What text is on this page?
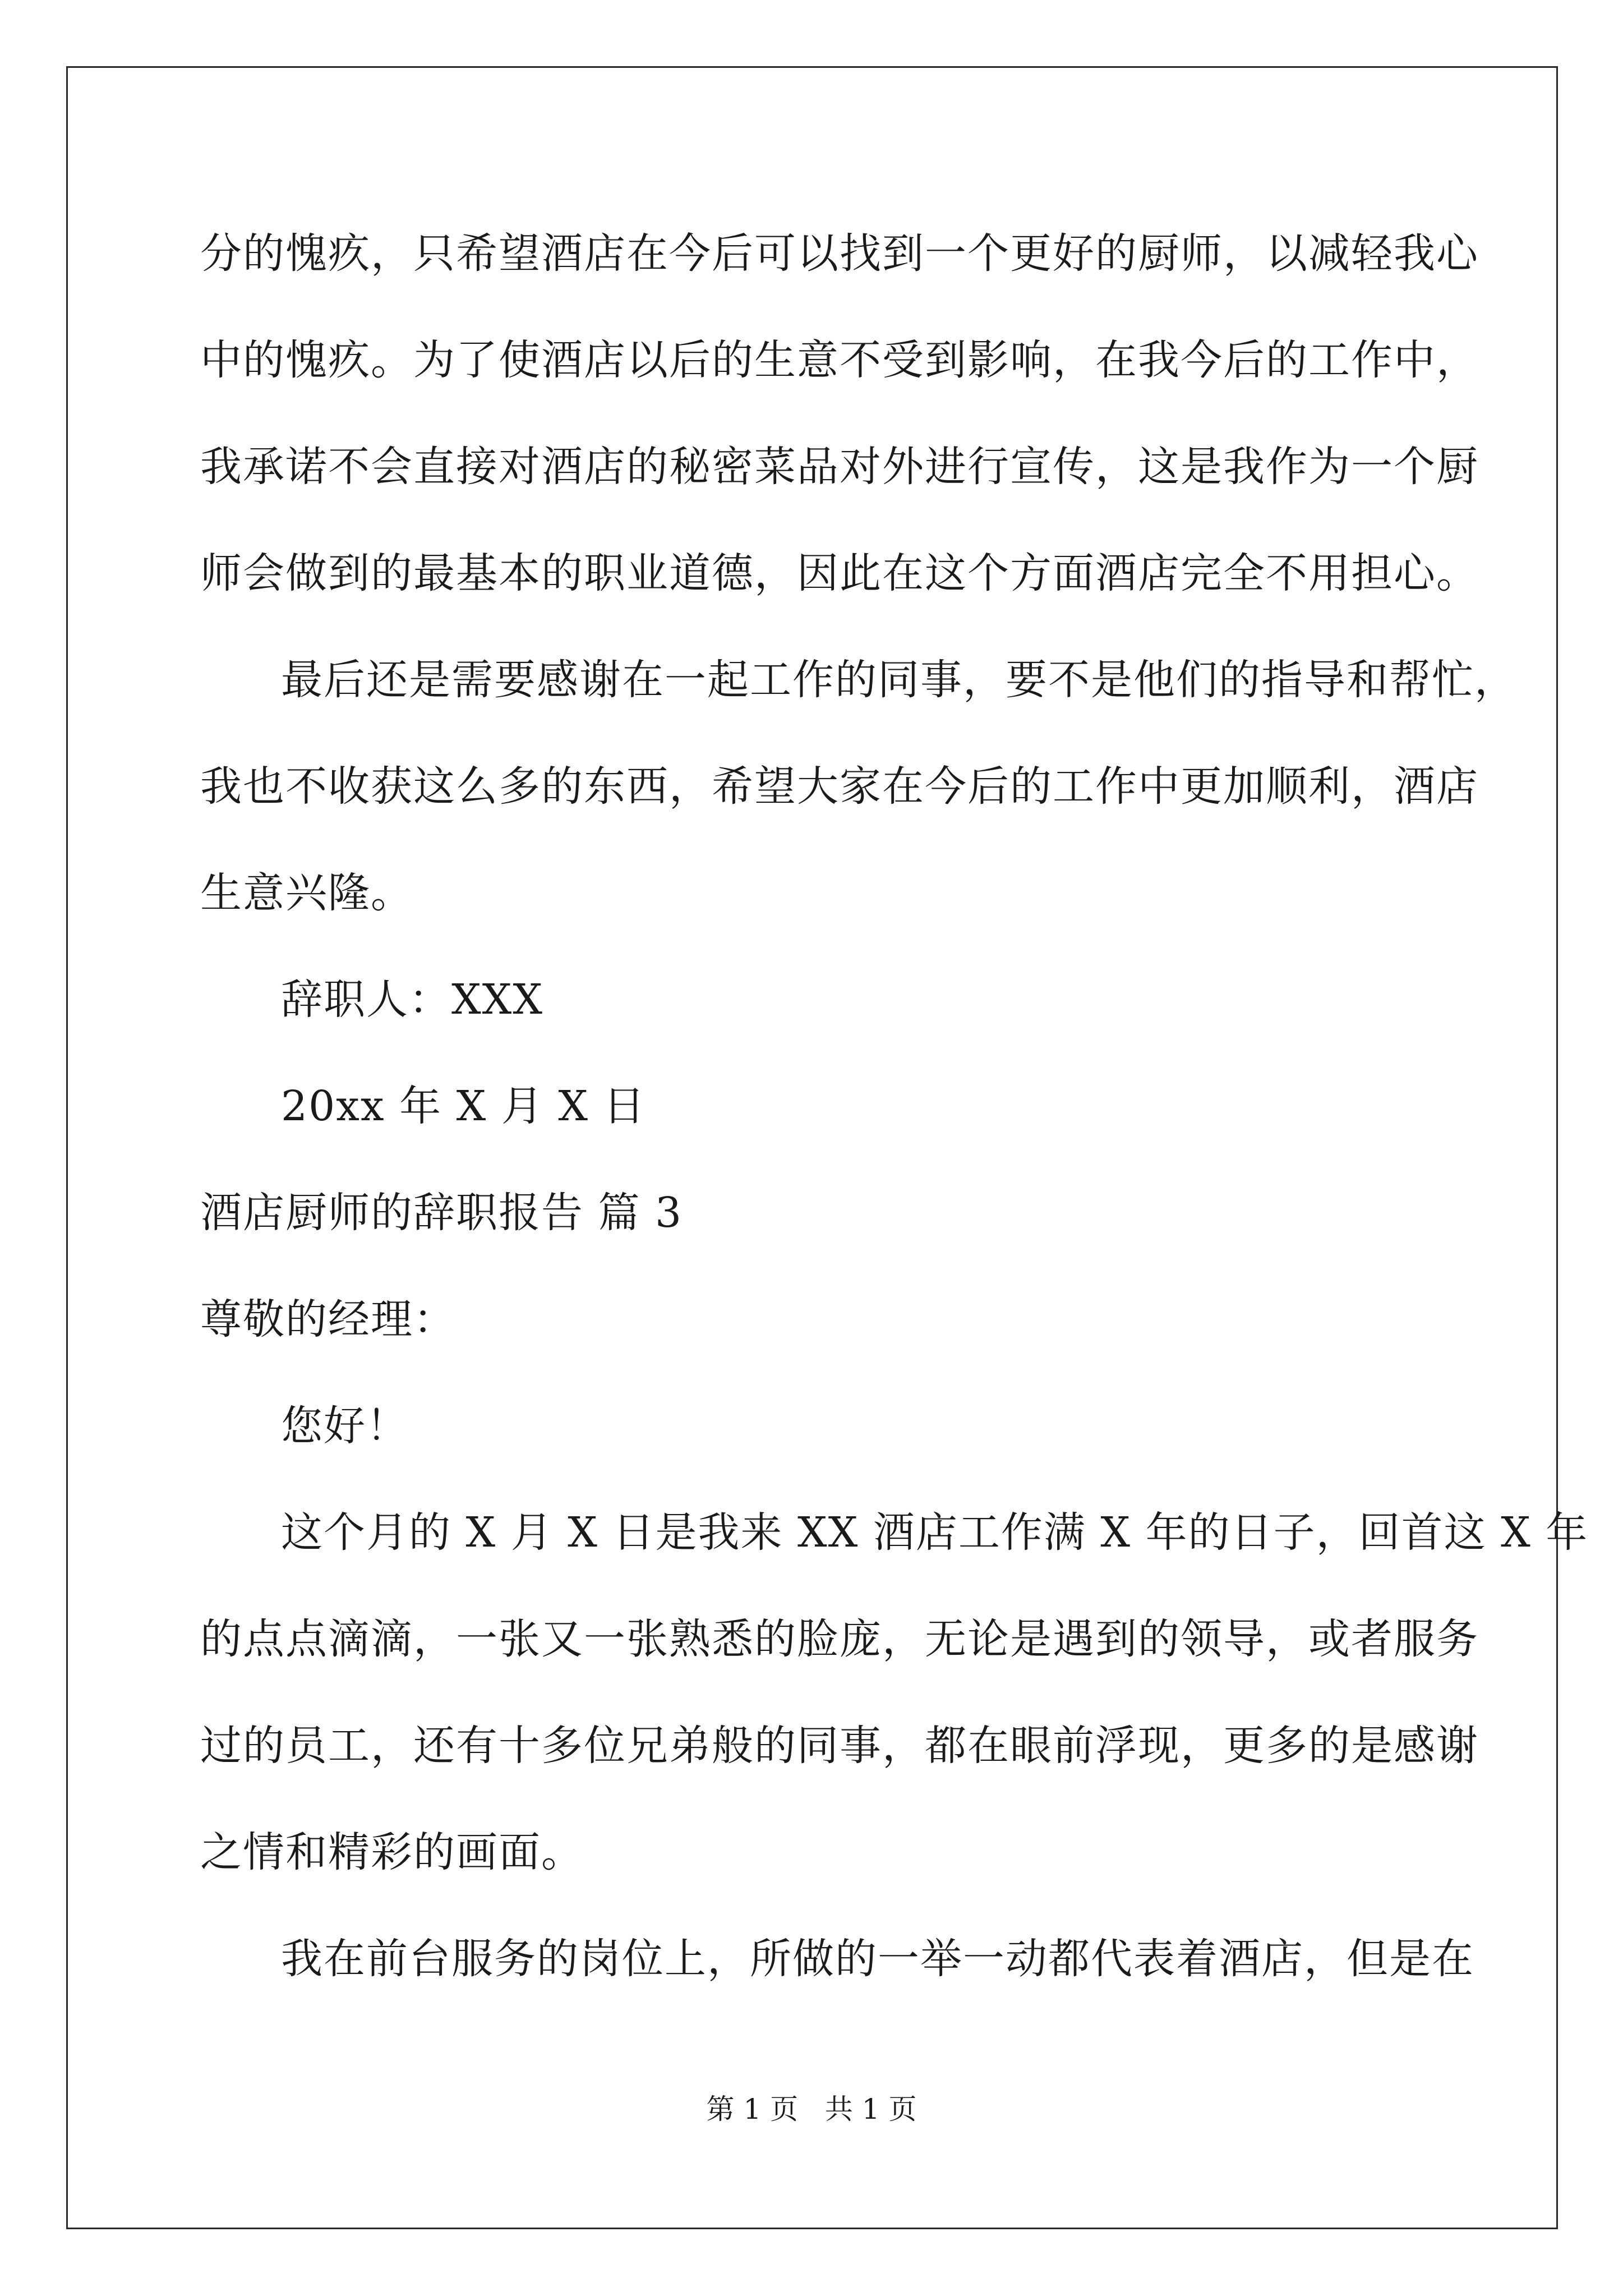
分的愧疚，只希望酒店在今后可以找到一个更好的厨师，以减轻我心
中的愧疚。为了使酒店以后的生意不受到影响，在我今后的工作中，
我承诺不会直接对酒店的秘密菜品对外进行宣传，这是我作为一个厨
师会做到的最基本的职业道德，因此在这个方面酒店完全不用担心。
最后还是需要感谢在一起工作的同事，要不是他们的指导和帮忙，
我也不收获这么多的东西，希望大家在今后的工作中更加顺利，酒店
生意兴隆。
辞职人：XXX
20xx 年 X 月 X 日
酒店厨师的辞职报告 篇 3
尊敬的经理：
您好！
这个月的 X 月 X 日是我来 XX 酒店工作满 X 年的日子，回首这 X 年
的点点滴滴，一张又一张熟悉的脸庞，无论是遇到的领导，或者服务
过的员工，还有十多位兄弟般的同事，都在眼前浮现，更多的是感谢
之情和精彩的画面。
我在前台服务的岗位上，所做的一举一动都代表着酒店，但是在
第 1 页   共 1 页
